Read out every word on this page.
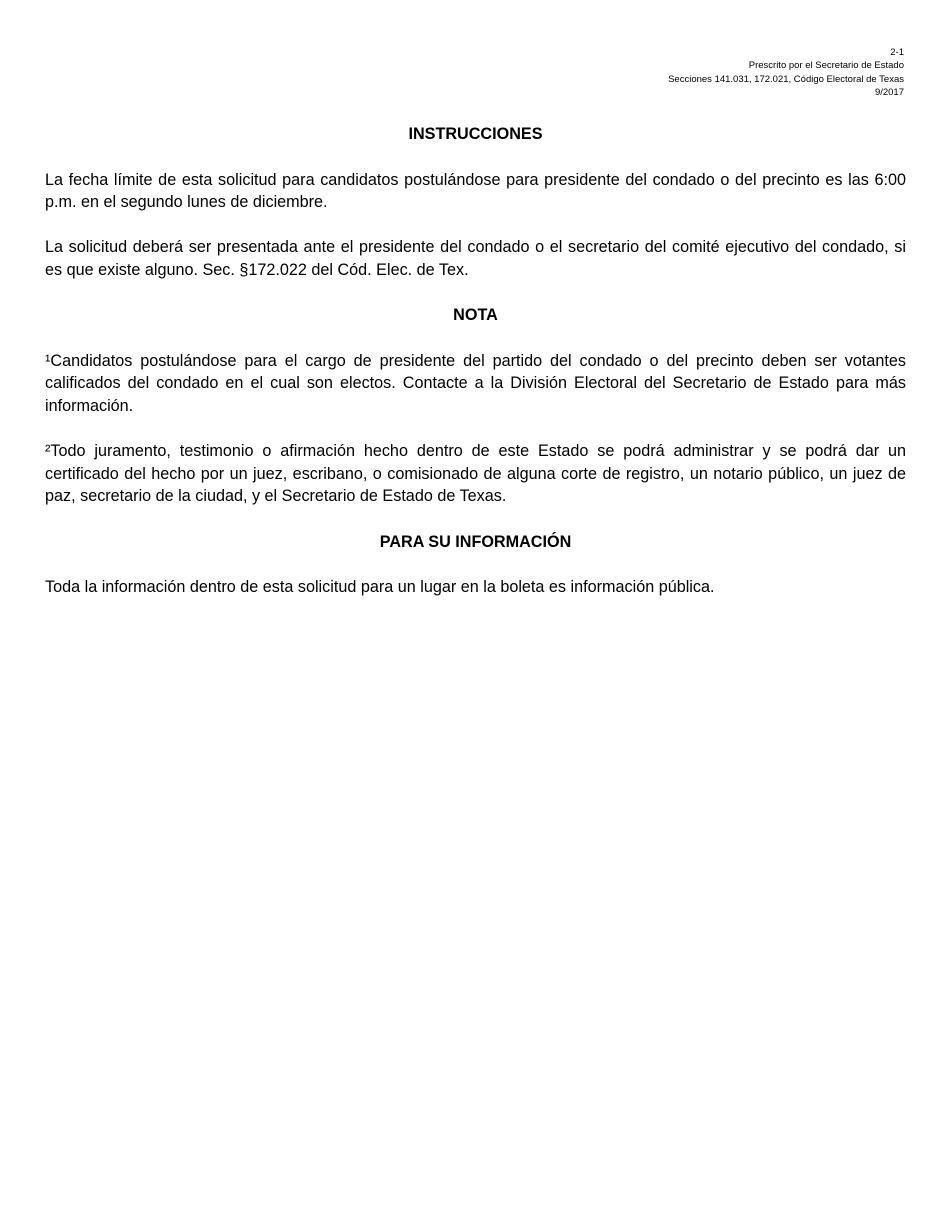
2-1
Prescrito por el Secretario de Estado
Secciones 141.031, 172.021, Código Electoral de Texas
9/2017
INSTRUCCIONES

La fecha límite de esta solicitud para candidatos postulándose para presidente del condado o del precinto es las 6:00 p.m. en el segundo lunes de diciembre.

La solicitud deberá ser presentada ante el presidente del condado o el secretario del comité ejecutivo del condado, si es que existe alguno. Sec. §172.022 del Cód. Elec. de Tex.

NOTA

¹Candidatos postulándose para el cargo de presidente del partido del condado o del precinto deben ser votantes calificados del condado en el cual son electos. Contacte a la División Electoral del Secretario de Estado para más información.

²Todo juramento, testimonio o afirmación hecho dentro de este Estado se podrá administrar y se podrá dar un certificado del hecho por un juez, escribano, o comisionado de alguna corte de registro, un notario público, un juez de paz, secretario de la ciudad, y el Secretario de Estado de Texas.

PARA SU INFORMACIÓN

Toda la información dentro de esta solicitud para un lugar en la boleta es información pública.
